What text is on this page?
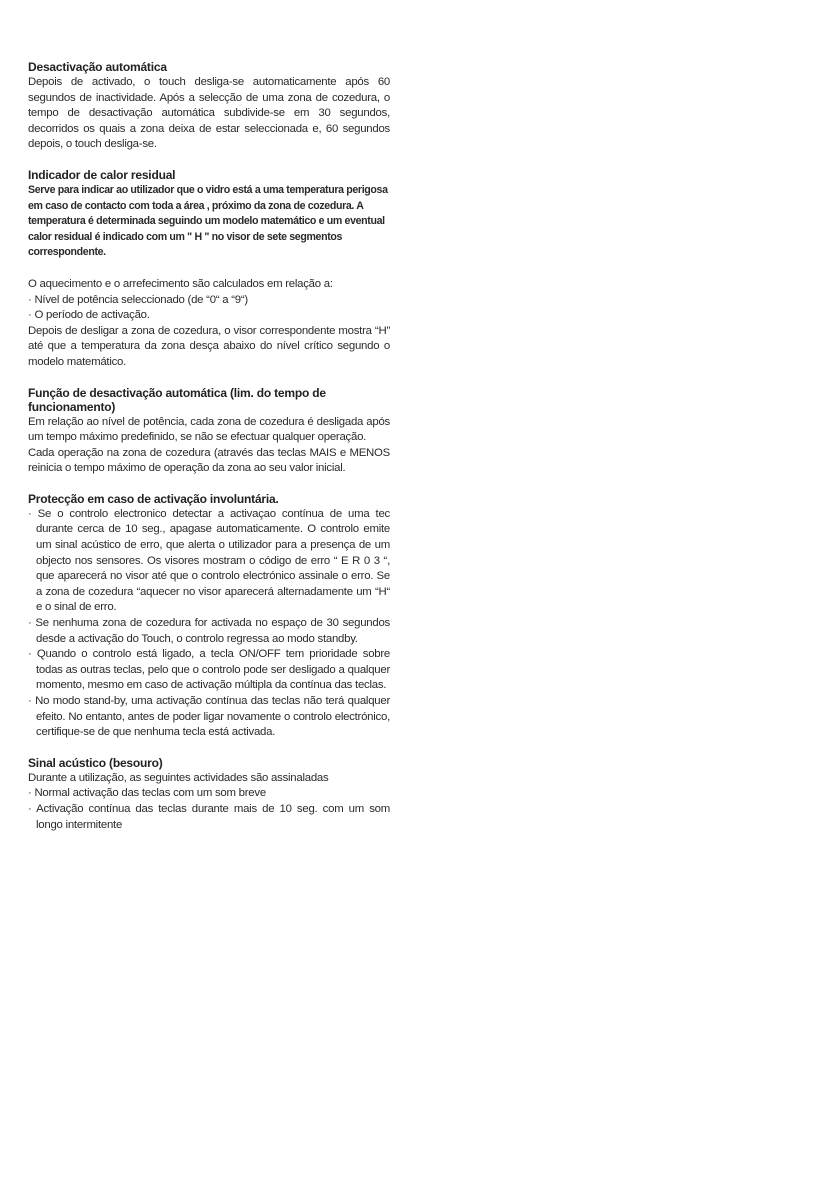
Desactivação automática

Depois de activado, o touch desliga-se automaticamente após 60 segundos de inactividade. Após a selecção de uma zona de cozedura, o tempo de desactivação automática subdivide-se em 30 segundos, decorridos os quais a zona deixa de estar seleccionada e, 60 segundos depois, o touch desliga-se.

Indicador de calor residual

Serve para indicar ao utilizador que o vidro está a uma temperatura perigosa em caso de contacto com toda a área , próximo da zona de cozedura. A temperatura é determinada seguindo um modelo matemático e um eventual calor residual é indicado com um " H " no visor de sete segmentos correspondente.

O aquecimento e o arrefecimento são calculados em relação a:

· Nível de potência seleccionado (de “0“ a “9“)
· O período de activação.

Depois de desligar a zona de cozedura, o visor correspondente mostra “H” até que a temperatura da zona desça abaixo do nível crítico segundo o modelo matemático.

Função de desactivação automática (lim. do tempo de funcionamento)

Em relação ao nível de potência, cada zona de cozedura é desligada após um tempo máximo predefinido, se não se efectuar qualquer operação.

Cada operação na zona de cozedura (através das teclas MAIS e MENOS reinicia o tempo máximo de operação da zona ao seu valor inicial.

Protecção em caso de activação involuntária.
· Se o controlo electronico detectar a activaçao contínua de uma tec durante cerca de 10 seg., apagase automaticamente. O controlo emite um sinal acústico de erro, que alerta o utilizador para a presença de um objecto nos sensores. Os visores mostram o código de erro “ E R 0 3 “, que aparecerá no visor até que o controlo electrónico assinale o erro. Se a zona de cozedura “aquecer no visor aparecerá alternadamente um “H“ e o sinal de erro.
· Se nenhuma zona de cozedura for activada no espaço de 30 segundos desde a activação do Touch, o controlo regressa ao modo standby.
· Quando o controlo está ligado, a tecla ON/OFF tem prioridade sobre todas as outras teclas, pelo que o controlo pode ser desligado a qualquer momento, mesmo em caso de activação múltipla da contínua das teclas.
· No modo stand-by, uma activação contínua das teclas não terá qualquer efeito. No entanto, antes de poder ligar novamente o controlo electrónico, certifique-se de que nenhuma tecla está activada.
Sinal acústico (besouro)

Durante a utilização, as seguintes actividades são assinaladas

· Normal activação das teclas com um som breve
· Activação contínua das teclas durante mais de 10 seg. com um som longo intermitente
